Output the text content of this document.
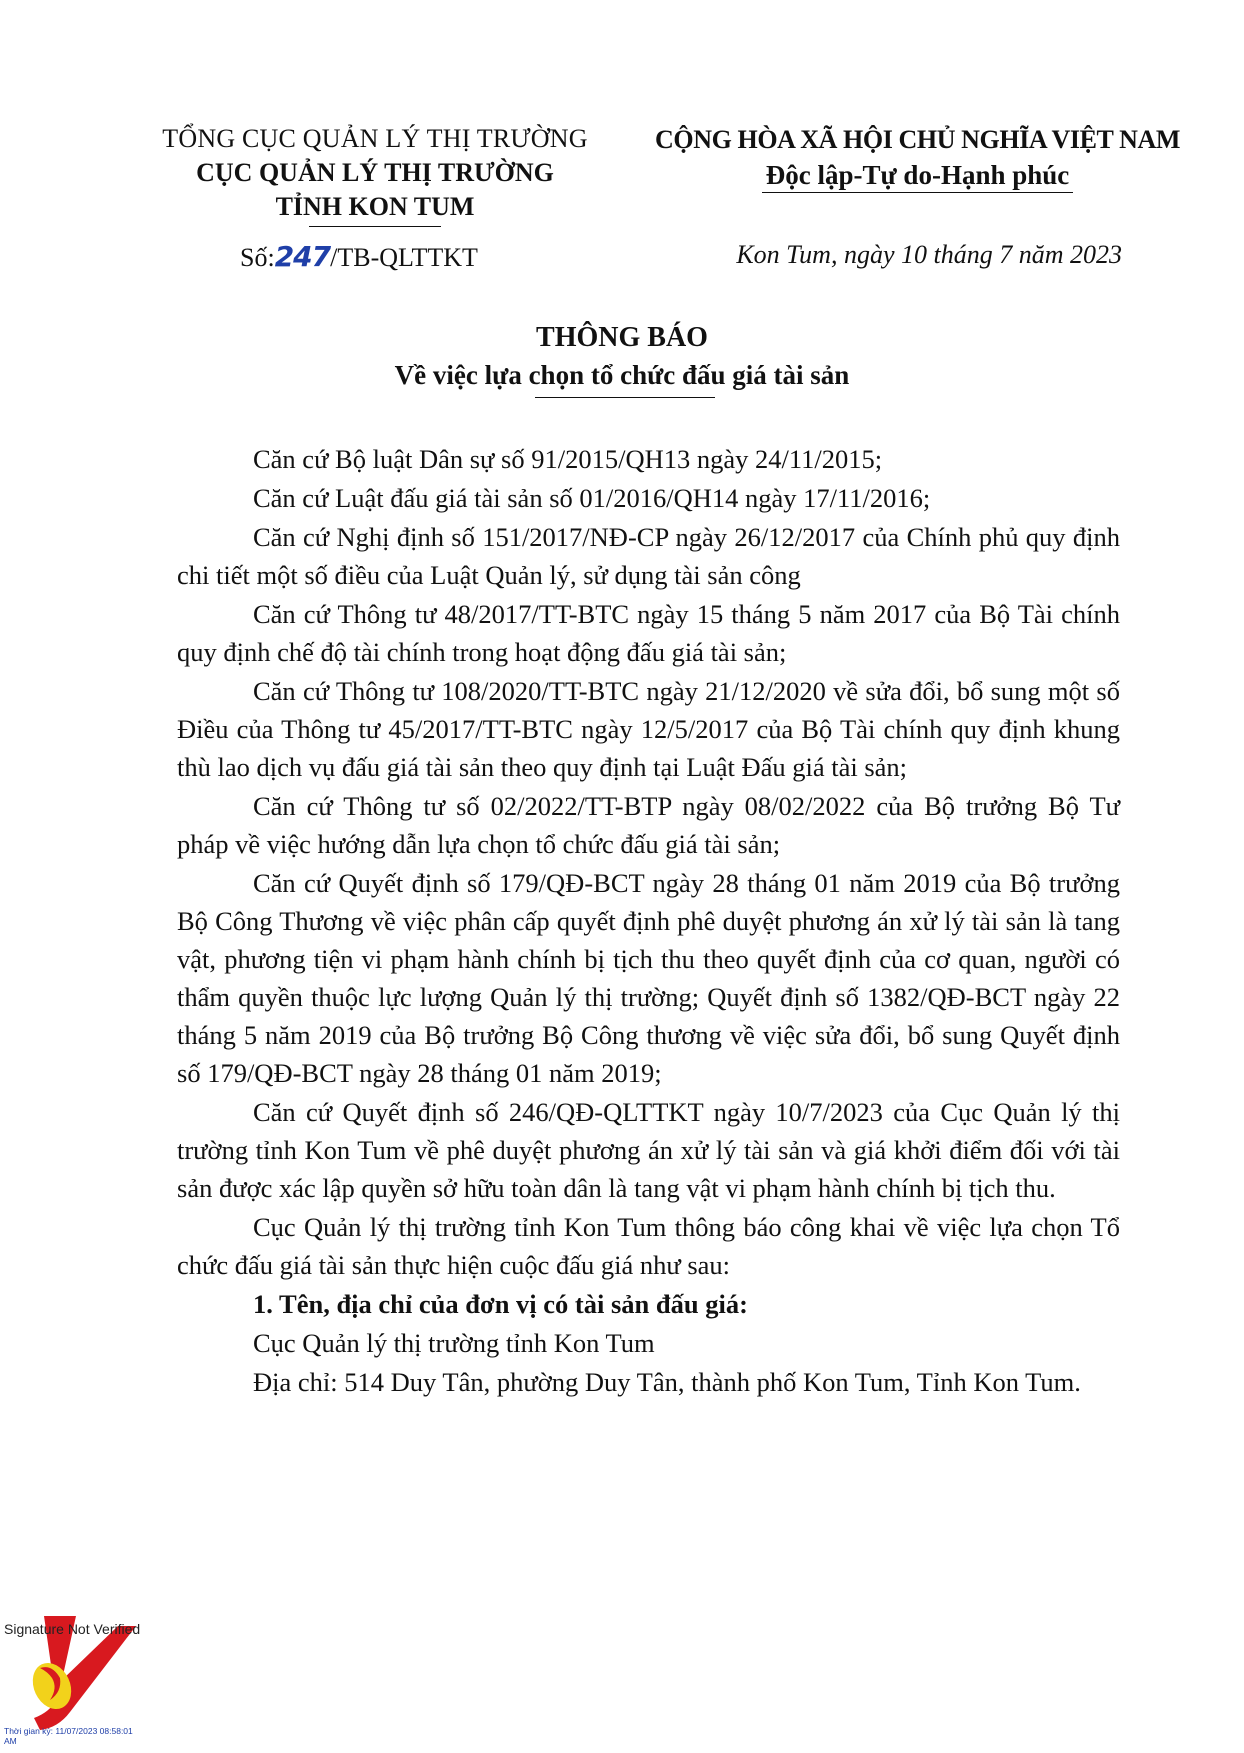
TỔNG CỤC QUẢN LÝ THỊ TRƯỜNG
CỤC QUẢN LÝ THỊ TRƯỜNG
TỈNH KON TUM
CỘNG HÒA XÃ HỘI CHỦ NGHĨA VIỆT NAM
Độc lập-Tự do-Hạnh phúc
Số:247/TB-QLTTKT	Kon Tum, ngày 10 tháng 7 năm 2023
THÔNG BÁO
Về việc lựa chọn tổ chức đấu giá tài sản

Căn cứ Bộ luật Dân sự số 91/2015/QH13 ngày 24/11/2015;

Căn cứ Luật đấu giá tài sản số 01/2016/QH14 ngày 17/11/2016;

Căn cứ Nghị định số 151/2017/NĐ-CP ngày 26/12/2017 của Chính phủ quy định chi tiết một số điều của Luật Quản lý, sử dụng tài sản công

Căn cứ Thông tư 48/2017/TT-BTC ngày 15 tháng 5 năm 2017 của Bộ Tài chính quy định chế độ tài chính trong hoạt động đấu giá tài sản;

Căn cứ Thông tư 108/2020/TT-BTC ngày 21/12/2020 về sửa đổi, bổ sung một số Điều của Thông tư 45/2017/TT-BTC ngày 12/5/2017 của Bộ Tài chính quy định khung thù lao dịch vụ đấu giá tài sản theo quy định tại Luật Đấu giá tài sản;

Căn cứ Thông tư số 02/2022/TT-BTP ngày 08/02/2022 của Bộ trưởng Bộ Tư pháp về việc hướng dẫn lựa chọn tổ chức đấu giá tài sản;

Căn cứ Quyết định số 179/QĐ-BCT ngày 28 tháng 01 năm 2019 của Bộ trưởng Bộ Công Thương về việc phân cấp quyết định phê duyệt phương án xử lý tài sản là tang vật, phương tiện vi phạm hành chính bị tịch thu theo quyết định của cơ quan, người có thẩm quyền thuộc lực lượng Quản lý thị trường; Quyết định số 1382/QĐ-BCT ngày 22 tháng 5 năm 2019 của Bộ trưởng Bộ Công thương về việc sửa đổi, bổ sung Quyết định số 179/QĐ-BCT ngày 28 tháng 01 năm 2019;

Căn cứ Quyết định số 246/QĐ-QLTTKT ngày 10/7/2023 của Cục Quản lý thị trường tỉnh Kon Tum về phê duyệt phương án xử lý tài sản và giá khởi điểm đối với tài sản được xác lập quyền sở hữu toàn dân là tang vật vi phạm hành chính bị tịch thu.

Cục Quản lý thị trường tỉnh Kon Tum thông báo công khai về việc lựa chọn Tổ chức đấu giá tài sản thực hiện cuộc đấu giá như sau:

1. Tên, địa chỉ của đơn vị có tài sản đấu giá:

Cục Quản lý thị trường tỉnh Kon Tum

Địa chỉ: 514 Duy Tân, phường Duy Tân, thành phố Kon Tum, Tỉnh Kon Tum.

Signature Not Verified
Thời gian ký: 11/07/2023 08:58:01 AM
